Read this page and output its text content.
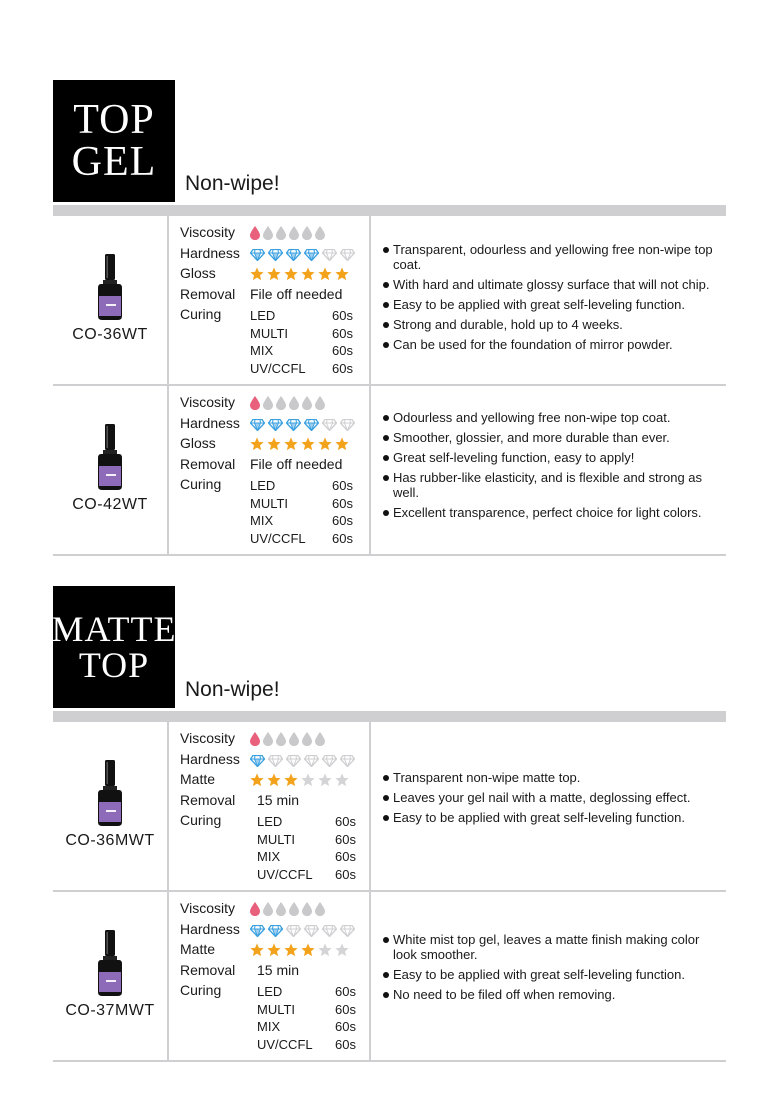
TOP
GEL Non-wipe!
CO-36WT
Viscosity
Hardness
Gloss
Removal File off needed
Curing LED	60s
MULTI	60s
MIX	60s
UV/CCFL 60s
Transparent, odourless and yellowing free non-wipe top coat.
With hard and ultimate glossy surface that will not chip.
Easy to be applied with great self-leveling function.
Strong and durable, hold up to 4 weeks.
Can be used for the foundation of mirror powder.
CO-42WT
Viscosity
Hardness
Gloss
Removal File off needed
Curing LED	60s
MULTI	60s
MIX	60s
UV/CCFL 60s
Odourless and yellowing free non-wipe top coat.
Smoother, glossier, and more durable than ever.
Great self-leveling function, easy to apply!
Has rubber-like elasticity, and is flexible and strong as well.
Excellent transparence, perfect choice for light colors.
MATTE
TOP
Non-wipe!
CO-36MWT
Viscosity
Hardness
Matte
Removal 15 min
Curing	LED	60s
MULTI	60s
MIX	60s
UV/CCFL 60s
Transparent non-wipe matte top.
Leaves your gel nail with a matte, deglossing effect.
Easy to be applied with great self-leveling function.
CO-37MWT
Viscosity
Hardness
Matte
Removal 15 min
Curing	LED	60s
MULTI	60s
MIX	60s
UV/CCFL 60s
White mist top gel, leaves a matte finish making color look smoother.
Easy to be applied with great self-leveling function.
No need to be filed off when removing.
